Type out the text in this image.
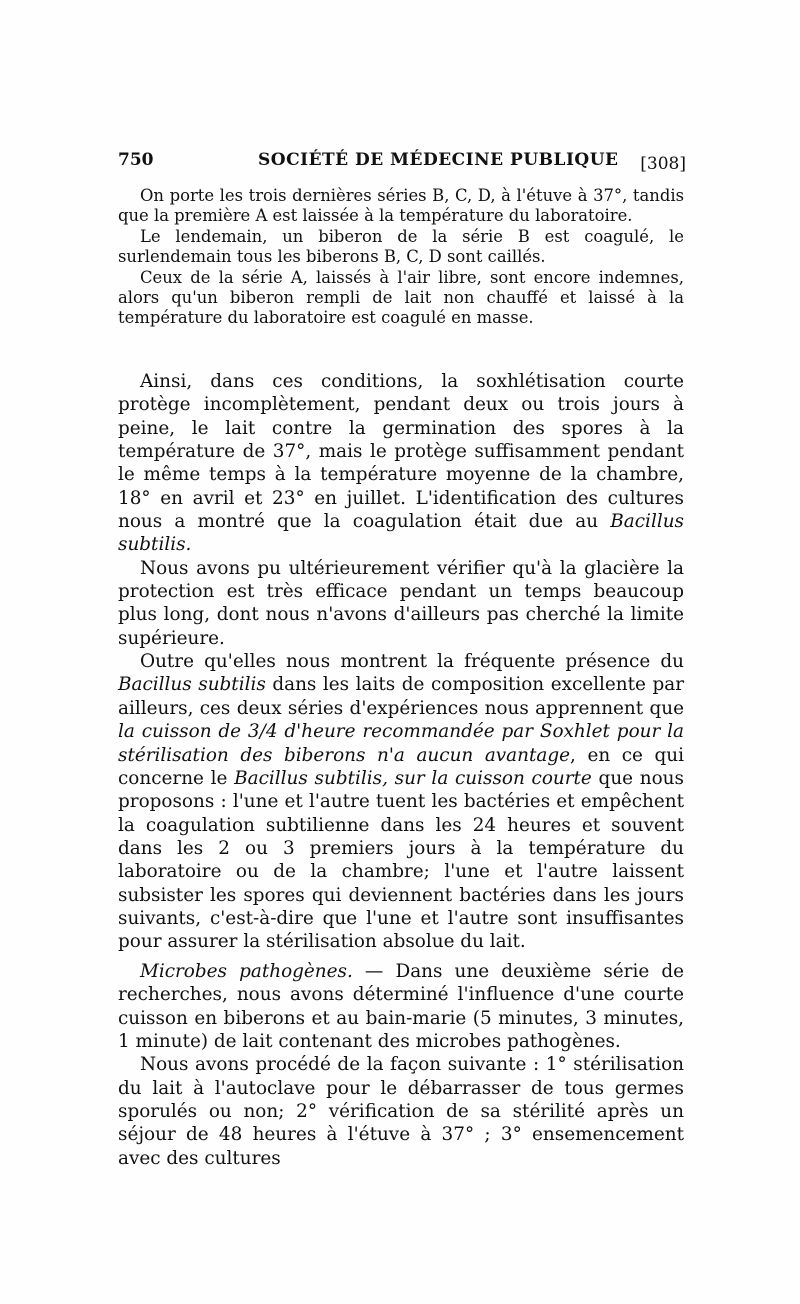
750	SOCIÉTÉ DE MÉDECINE PUBLIQUE [308]

On porte les trois dernières séries B, C, D, à l'étuve à 37°, tandis que la première A est laissée à la température du laboratoire.

Le lendemain, un biberon de la série B est coagulé, le surlendemain tous les biberons B, C, D sont caillés.

Ceux de la série A, laissés à l'air libre, sont encore indemnes, alors qu'un biberon rempli de lait non chauffé et laissé à la température du laboratoire est coagulé en masse.

Ainsi, dans ces conditions, la soxhlétisation courte protège incomplètement, pendant deux ou trois jours à peine, le lait contre la germination des spores à la température de 37°, mais le protège suffisamment pendant le même temps à la température moyenne de la chambre, 18° en avril et 23° en juillet. L'identification des cultures nous a montré que la coagulation était due au Bacillus subtilis.

Nous avons pu ultérieurement vérifier qu'à la glacière la protection est très efficace pendant un temps beaucoup plus long, dont nous n'avons d'ailleurs pas cherché la limite supérieure.

Outre qu'elles nous montrent la fréquente présence du Bacillus subtilis dans les laits de composition excellente par ailleurs, ces deux séries d'expériences nous apprennent que la cuisson de 3/4 d'heure recommandée par Soxhlet pour la stérilisation des biberons n'a aucun avantage, en ce qui concerne le Bacillus subtilis, sur la cuisson courte que nous proposons : l'une et l'autre tuent les bactéries et empêchent la coagulation subtilienne dans les 24 heures et souvent dans les 2 ou 3 premiers jours à la température du laboratoire ou de la chambre; l'une et l'autre laissent subsister les spores qui deviennent bactéries dans les jours suivants, c'est-à-dire que l'une et l'autre sont insuffisantes pour assurer la stérilisation absolue du lait.

Microbes pathogènes. — Dans une deuxième série de recherches, nous avons déterminé l'influence d'une courte cuisson en biberons et au bain-marie (5 minutes, 3 minutes, 1 minute) de lait contenant des microbes pathogènes.

Nous avons procédé de la façon suivante : 1° stérilisation du lait à l'autoclave pour le débarrasser de tous germes sporulés ou non; 2° vérification de sa stérilité après un séjour de 48 heures à l'étuve à 37° ; 3° ensemencement avec des cultures
